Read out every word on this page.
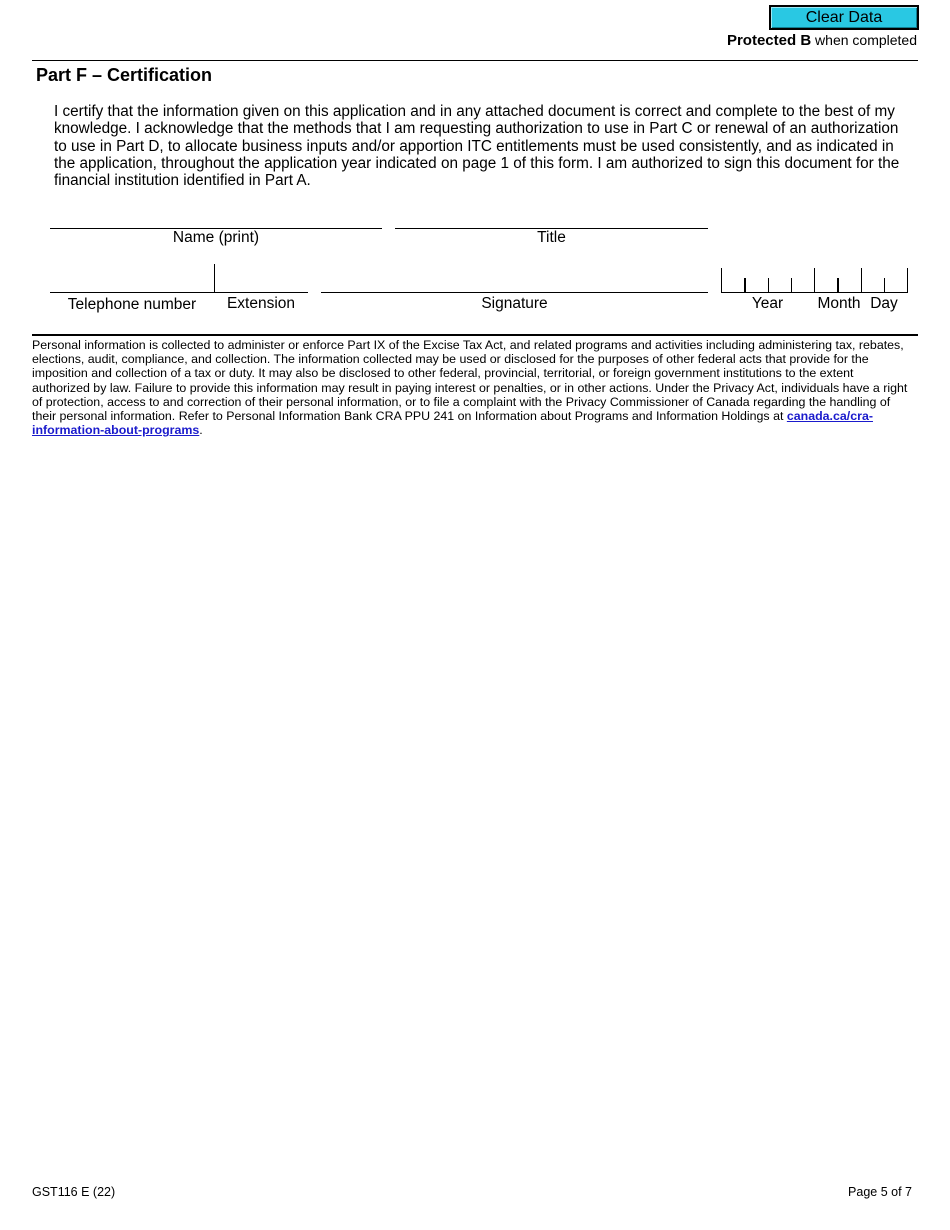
Clear Data
Protected B when completed
Part F – Certification
I certify that the information given on this application and in any attached document is correct and complete to the best of my knowledge. I acknowledge that the methods that I am requesting authorization to use in Part C or renewal of an authorization to use in Part D, to allocate business inputs and/or apportion ITC entitlements must be used consistently, and as indicated in the application, throughout the application year indicated on page 1 of this form. I am authorized to sign this document for the financial institution identified in Part A.
Name (print)	Title
Telephone number	Extension	Signature	Year	Month Day
Personal information is collected to administer or enforce Part IX of the Excise Tax Act, and related programs and activities including administering tax, rebates, elections, audit, compliance, and collection. The information collected may be used or disclosed for the purposes of other federal acts that provide for the imposition and collection of a tax or duty. It may also be disclosed to other federal, provincial, territorial, or foreign government institutions to the extent authorized by law. Failure to provide this information may result in paying interest or penalties, or in other actions. Under the Privacy Act, individuals have a right of protection, access to and correction of their personal information, or to file a complaint with the Privacy Commissioner of Canada regarding the handling of their personal information. Refer to Personal Information Bank CRA PPU 241 on Information about Programs and Information Holdings at canada.ca/cra-information-about-programs.
GST116 E (22)	Page 5 of 7
